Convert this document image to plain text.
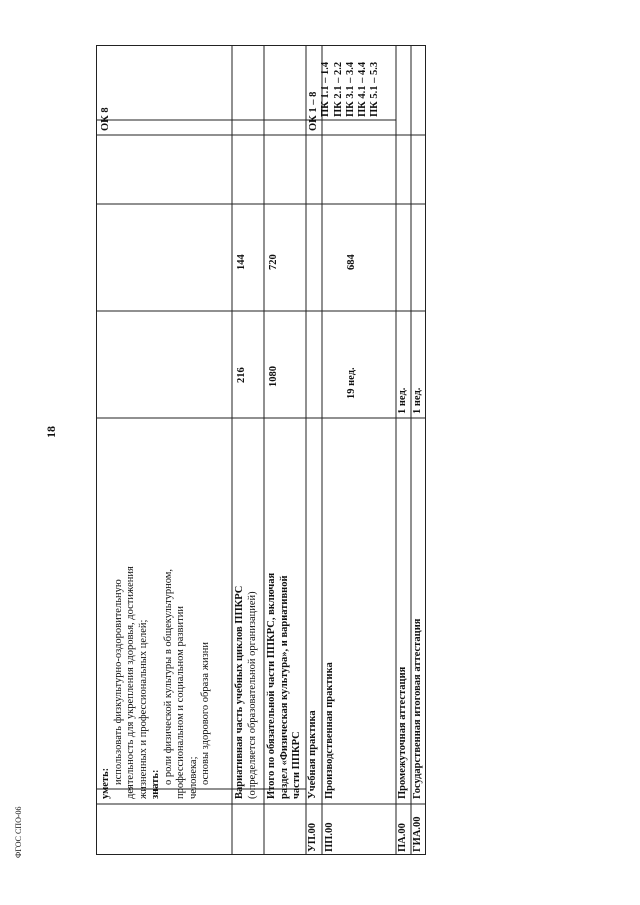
18
ФГОС СПО-06
уметь: использовать физкультурно-оздоровительную деятельность для укрепления здоровья, достижения жизненных и профессиональных целей; знать: о роли физической культуры в общекультурном, профессиональном и социальном развитии человека; основы здорового образа жизни
ОК 8
Вариативная часть учебных циклов ППКРС (определяется образовательной организацией)
216
144
Итого по обязательной части ППКРС, включая раздел «Физическая культура», и вариативной части ППКРС
1080
720
УП.00
Учебная практика
ПП.00
Производственная практика
19 нед.
684
ОК 1 – 8 ПК 1.1 – 1.4 ПК 2.1 – 2.2 ПК 3.1 – 3.4 ПК 4.1 – 4.4 ПК 5.1 – 5.3
ПА.00
Промежуточная аттестация
1 нед.
ГИА.00
Государственная итоговая аттестация
1 нед.
